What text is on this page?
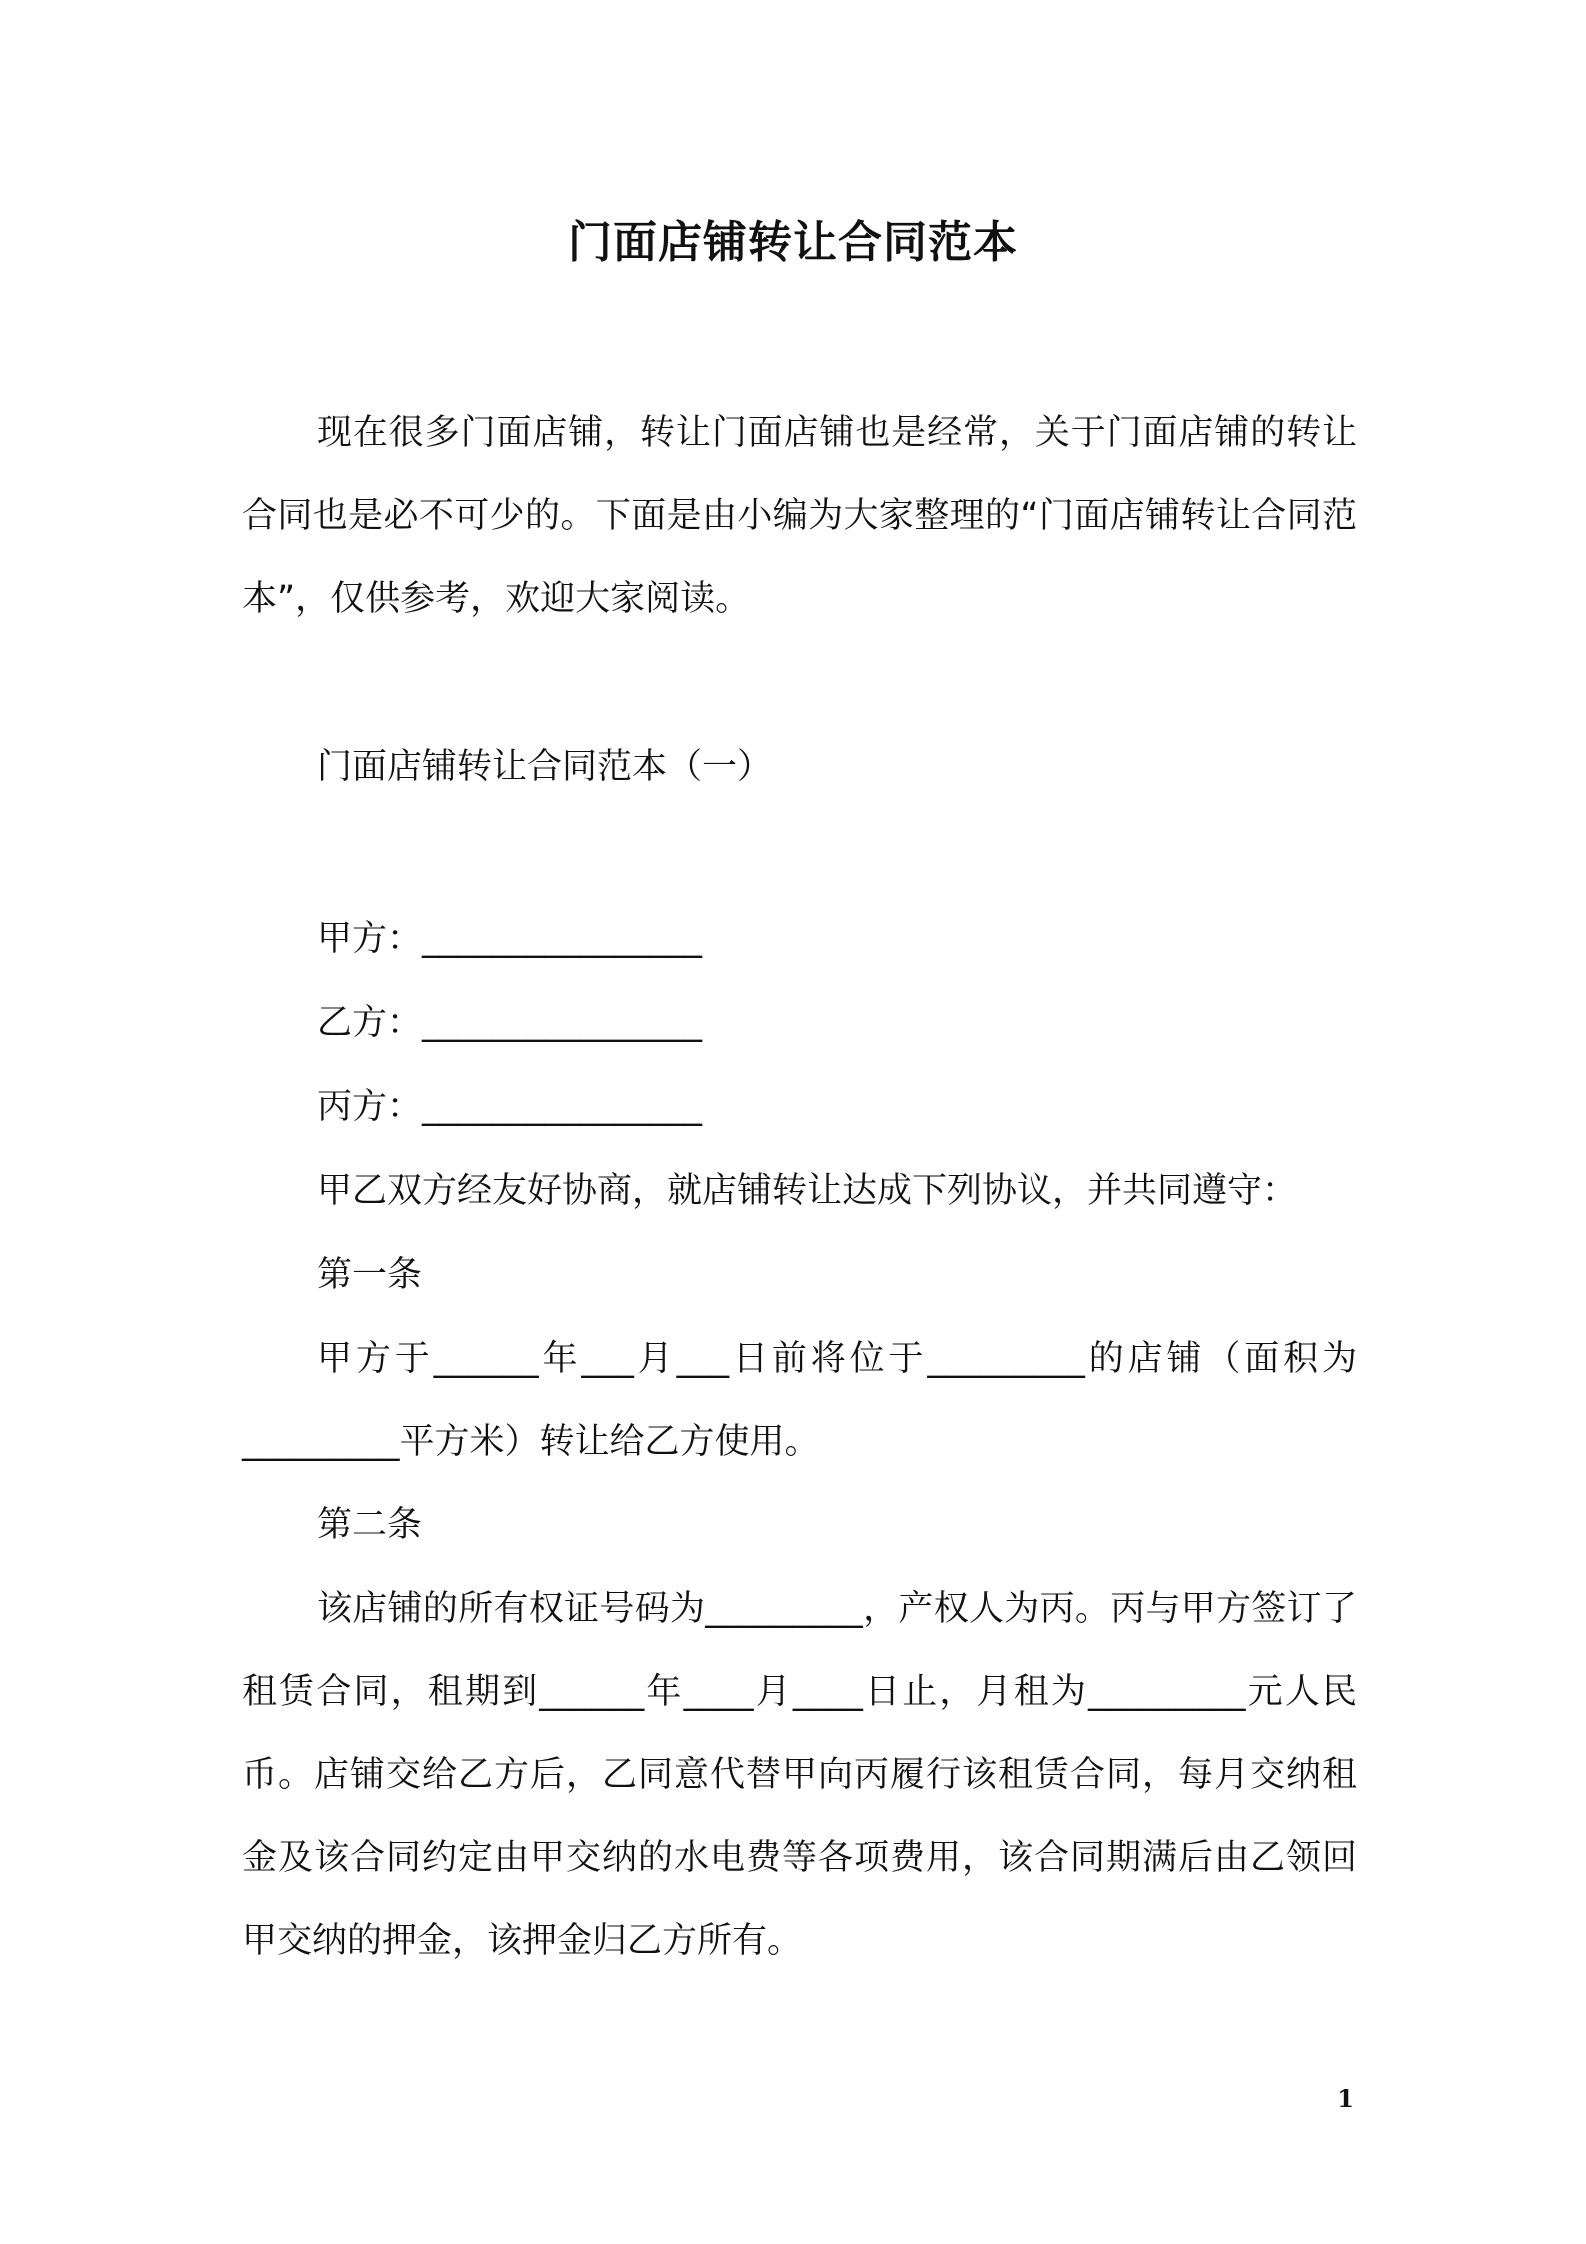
门面店铺转让合同范本

现在很多门面店铺，转让门面店铺也是经常，关于门面店铺的转让合同也是必不可少的。下面是由小编为大家整理的“门面店铺转让合同范本”，仅供参考，欢迎大家阅读。

门面店铺转让合同范本（一）

甲方：________________

乙方：________________

丙方：________________

甲乙双方经友好协商，就店铺转让达成下列协议，并共同遵守：

第一条

甲方于______年___月___日前将位于_________的店铺（面积为_________平方米）转让给乙方使用。

第二条

该店铺的所有权证号码为_________，产权人为丙。丙与甲方签订了租赁合同，租期到______年____月____日止，月租为_________元人民币。店铺交给乙方后，乙同意代替甲向丙履行该租赁合同，每月交纳租金及该合同约定由甲交纳的水电费等各项费用，该合同期满后由乙领回甲交纳的押金，该押金归乙方所有。

1
